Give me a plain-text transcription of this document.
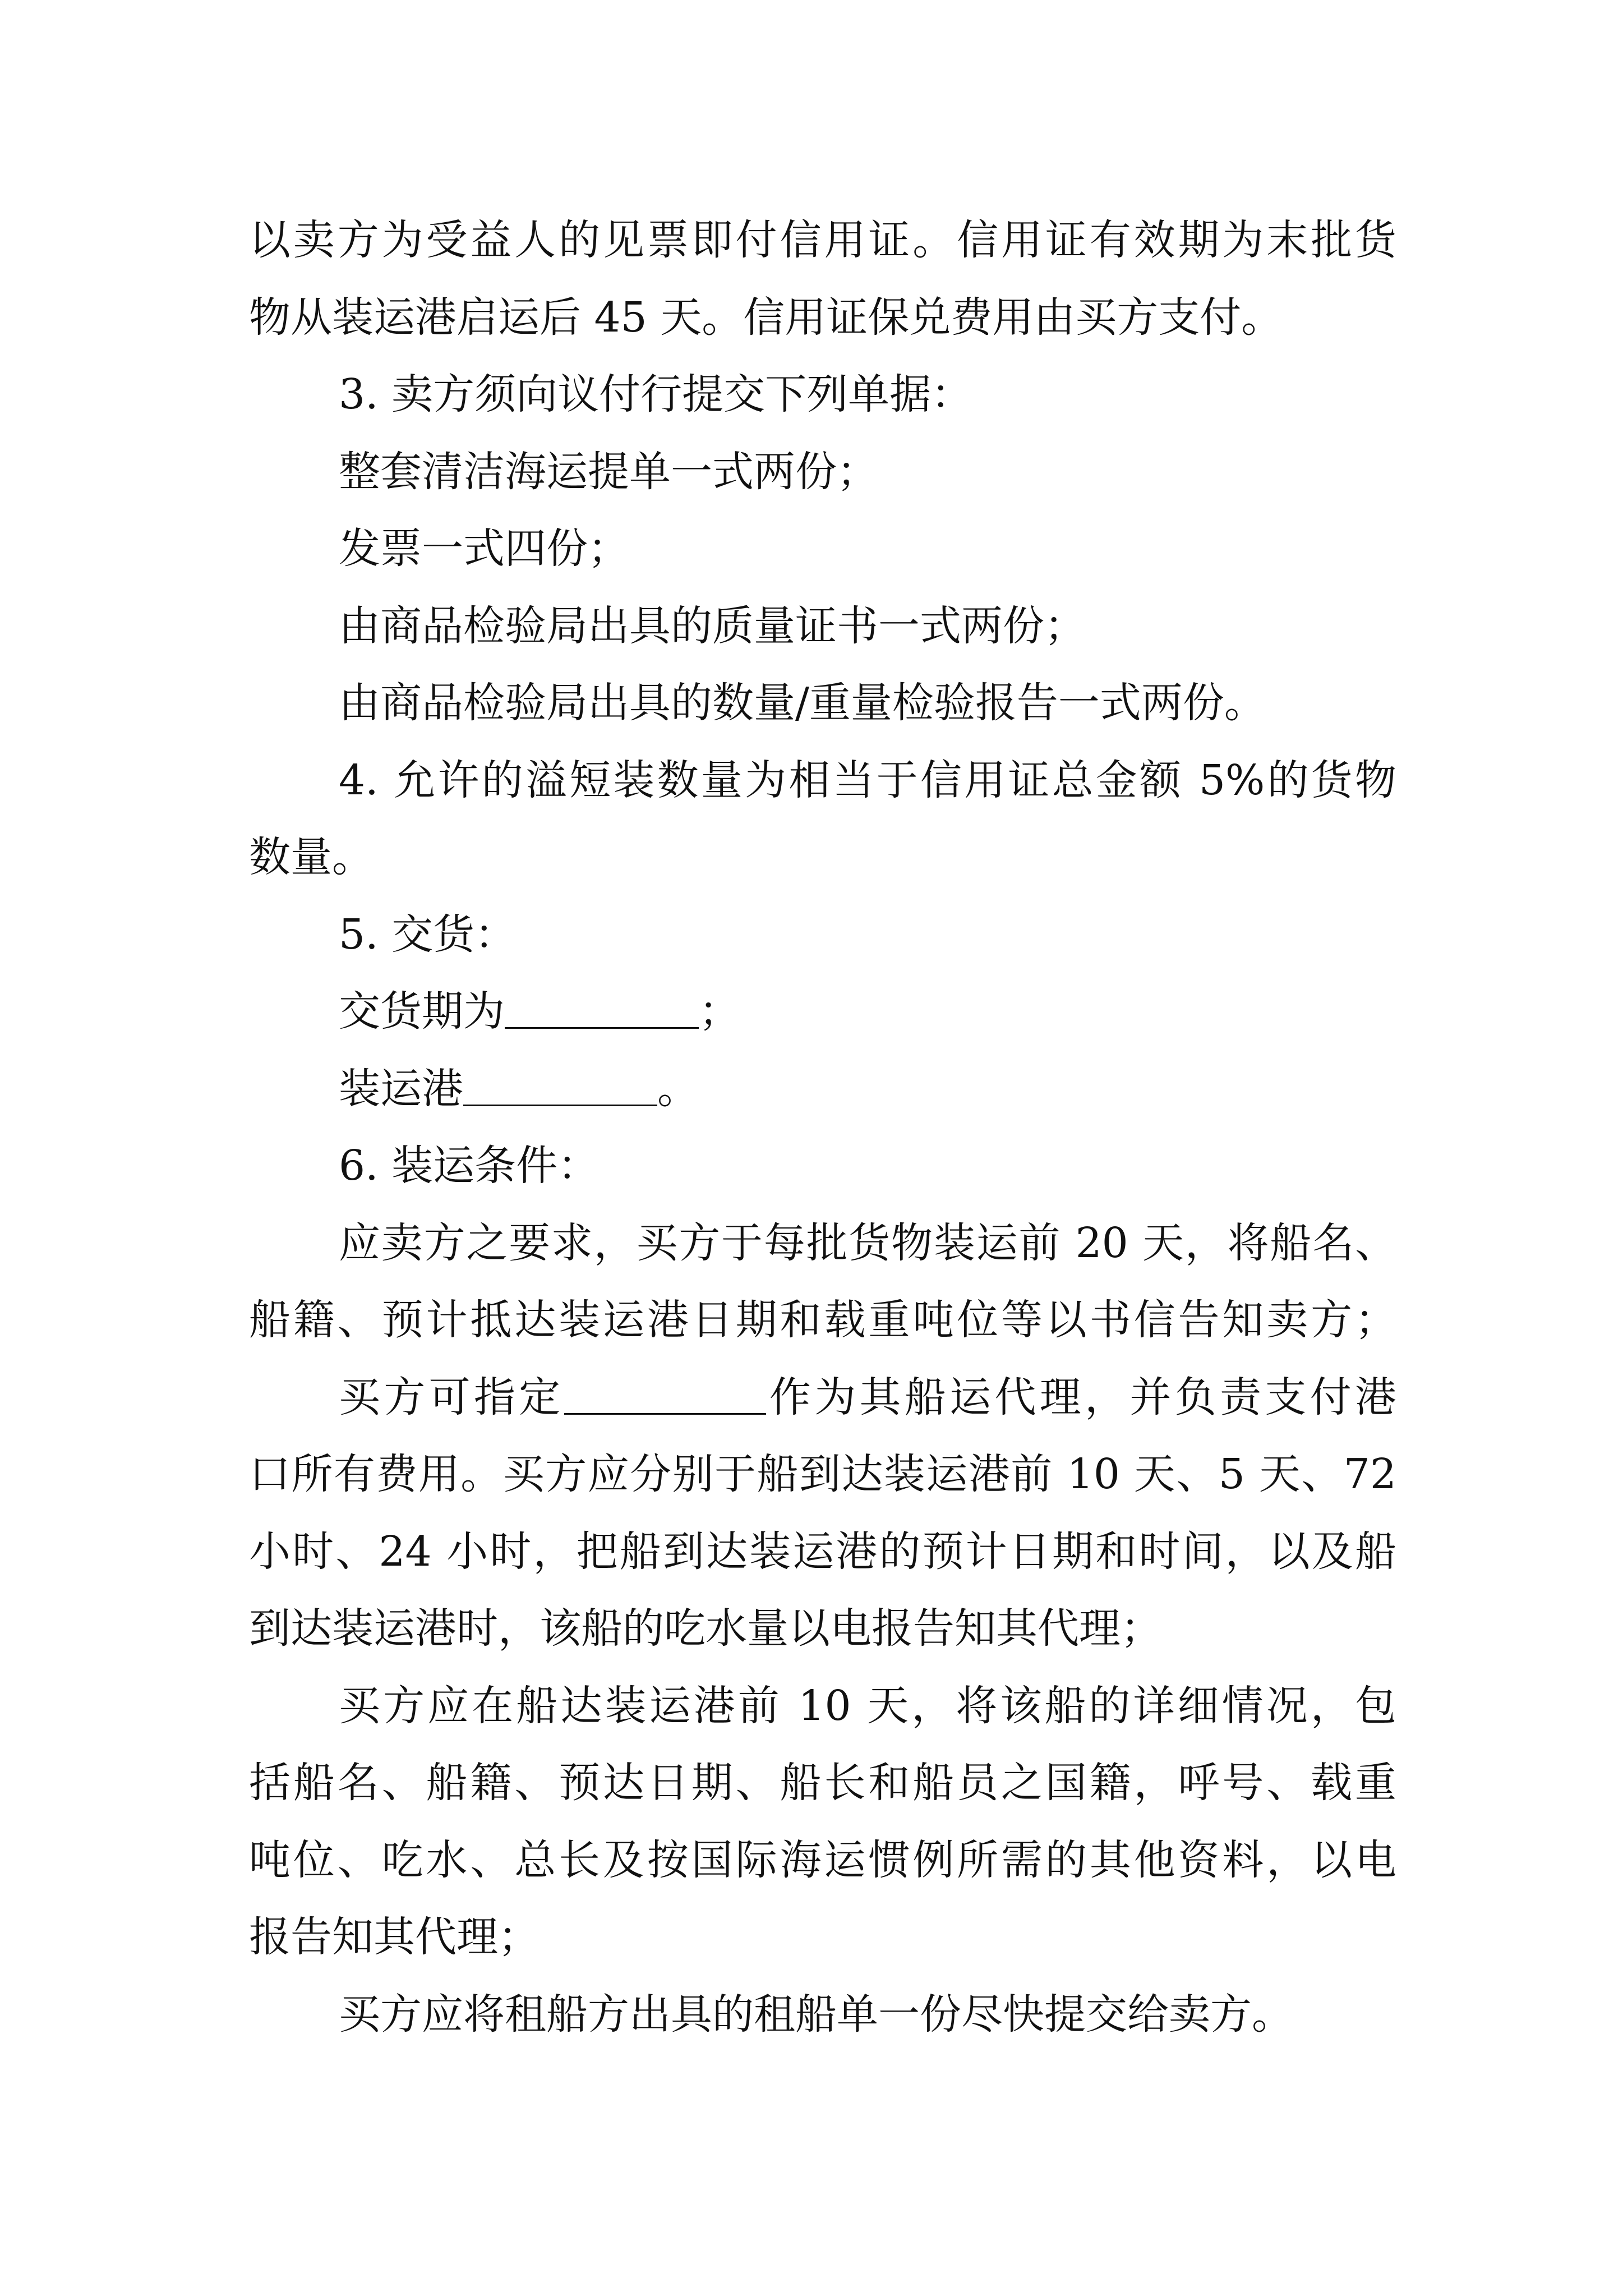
以卖方为受益人的见票即付信用证。信用证有效期为末批货
物从装运港启运后 45 天。信用证保兑费用由买方支付。
3. 卖方须向议付行提交下列单据：
整套清洁海运提单一式两份；
发票一式四份；
由商品检验局出具的质量证书一式两份；
由商品检验局出具的数量/重量检验报告一式两份。
4. 允许的溢短装数量为相当于信用证总金额 5%的货物
数量。
5. 交货：
交货期为	；
装运港	。
6. 装运条件：
应卖方之要求，买方于每批货物装运前 20 天，将船名、
船籍、预计抵达装运港日期和载重吨位等以书信告知卖方；
买方可指定	作为其船运代理，并负责支付港
口所有费用。买方应分别于船到达装运港前 10 天、5 天、72
小时、24 小时，把船到达装运港的预计日期和时间，以及船
到达装运港时，该船的吃水量以电报告知其代理；
买方应在船达装运港前 10 天，将该船的详细情况，包
括船名、船籍、预达日期、船长和船员之国籍，呼号、载重
吨位、吃水、总长及按国际海运惯例所需的其他资料，以电
报告知其代理；
买方应将租船方出具的租船单一份尽快提交给卖方。
